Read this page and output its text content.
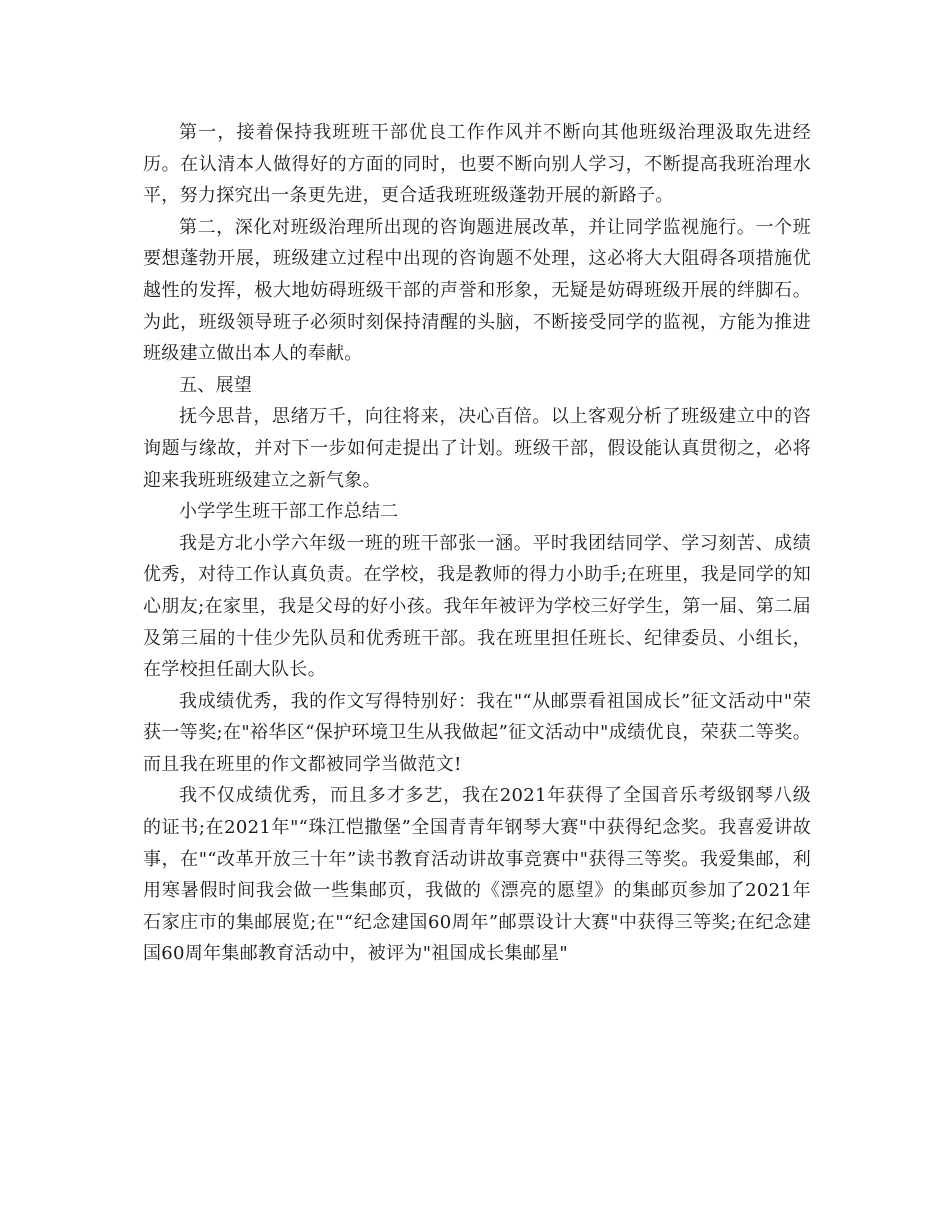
第一，接着保持我班班干部优良工作作风并不断向其他班级治理汲取先进经历。在认清本人做得好的方面的同时，也要不断向别人学习，不断提高我班治理水平，努力探究出一条更先进，更合适我班班级蓬勃开展的新路子。

第二，深化对班级治理所出现的咨询题进展改革，并让同学监视施行。一个班要想蓬勃开展，班级建立过程中出现的咨询题不处理，这必将大大阻碍各项措施优越性的发挥，极大地妨碍班级干部的声誉和形象，无疑是妨碍班级开展的绊脚石。为此，班级领导班子必须时刻保持清醒的头脑，不断接受同学的监视，方能为推进班级建立做出本人的奉献。

五、展望

抚今思昔，思绪万千，向往将来，决心百倍。以上客观分析了班级建立中的咨询题与缘故，并对下一步如何走提出了计划。班级干部，假设能认真贯彻之，必将迎来我班班级建立之新气象。

小学学生班干部工作总结二

我是方北小学六年级一班的班干部张一涵。平时我团结同学、学习刻苦、成绩优秀，对待工作认真负责。在学校，我是教师的得力小助手;在班里，我是同学的知心朋友;在家里，我是父母的好小孩。我年年被评为学校三好学生，第一届、第二届及第三届的十佳少先队员和优秀班干部。我在班里担任班长、纪律委员、小组长，在学校担任副大队长。

我成绩优秀，我的作文写得特别好：我在"“从邮票看祖国成长”征文活动中"荣获一等奖;在"裕华区“保护环境卫生从我做起”征文活动中"成绩优良，荣获二等奖。而且我在班里的作文都被同学当做范文!

我不仅成绩优秀，而且多才多艺，我在2021年获得了全国音乐考级钢琴八级的证书;在2021年"“珠江恺撒堡”全国青青年钢琴大赛"中获得纪念奖。我喜爱讲故事，在"“改革开放三十年”读书教育活动讲故事竞赛中"获得三等奖。我爱集邮，利用寒暑假时间我会做一些集邮页，我做的《漂亮的愿望》的集邮页参加了2021年石家庄市的集邮展览;在"“纪念建国60周年”邮票设计大赛"中获得三等奖;在纪念建国60周年集邮教育活动中，被评为"祖国成长集邮星"
